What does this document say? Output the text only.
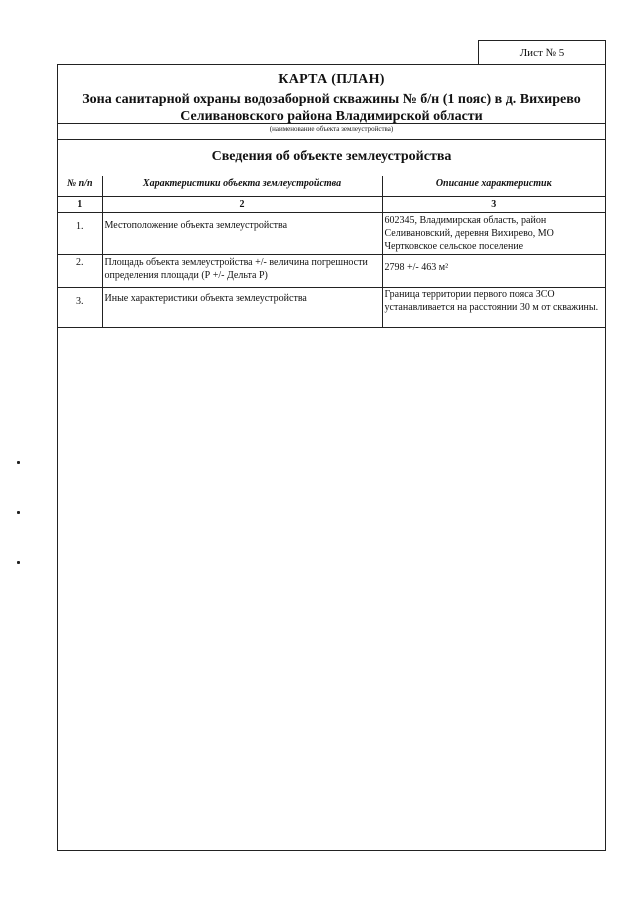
Лист № 5
КАРТА (ПЛАН)
Зона санитарной охраны водозаборной скважины № б/н (1 пояс) в д. Вихирево
Селивановского района Владимирской области
(наименование объекта землеустройства)
Сведения об объекте землеустройства
№ п/п	Характеристики объекта землеустройства	Описание характеристик
1	2	3
1.	Местоположение объекта землеустройства	602345, Владимирская область, район Селивановский, деревня Вихирево, МО Чертковское сельское поселение
2.	Площадь объекта землеустройства +/- величина погрешности определения площади (Р +/- Дельта Р)	2798 +/- 463 м²
3.	Иные характеристики объекта землеустройства	Граница территории первого пояса ЗСО устанавливается на расстоянии 30 м от скважины.
